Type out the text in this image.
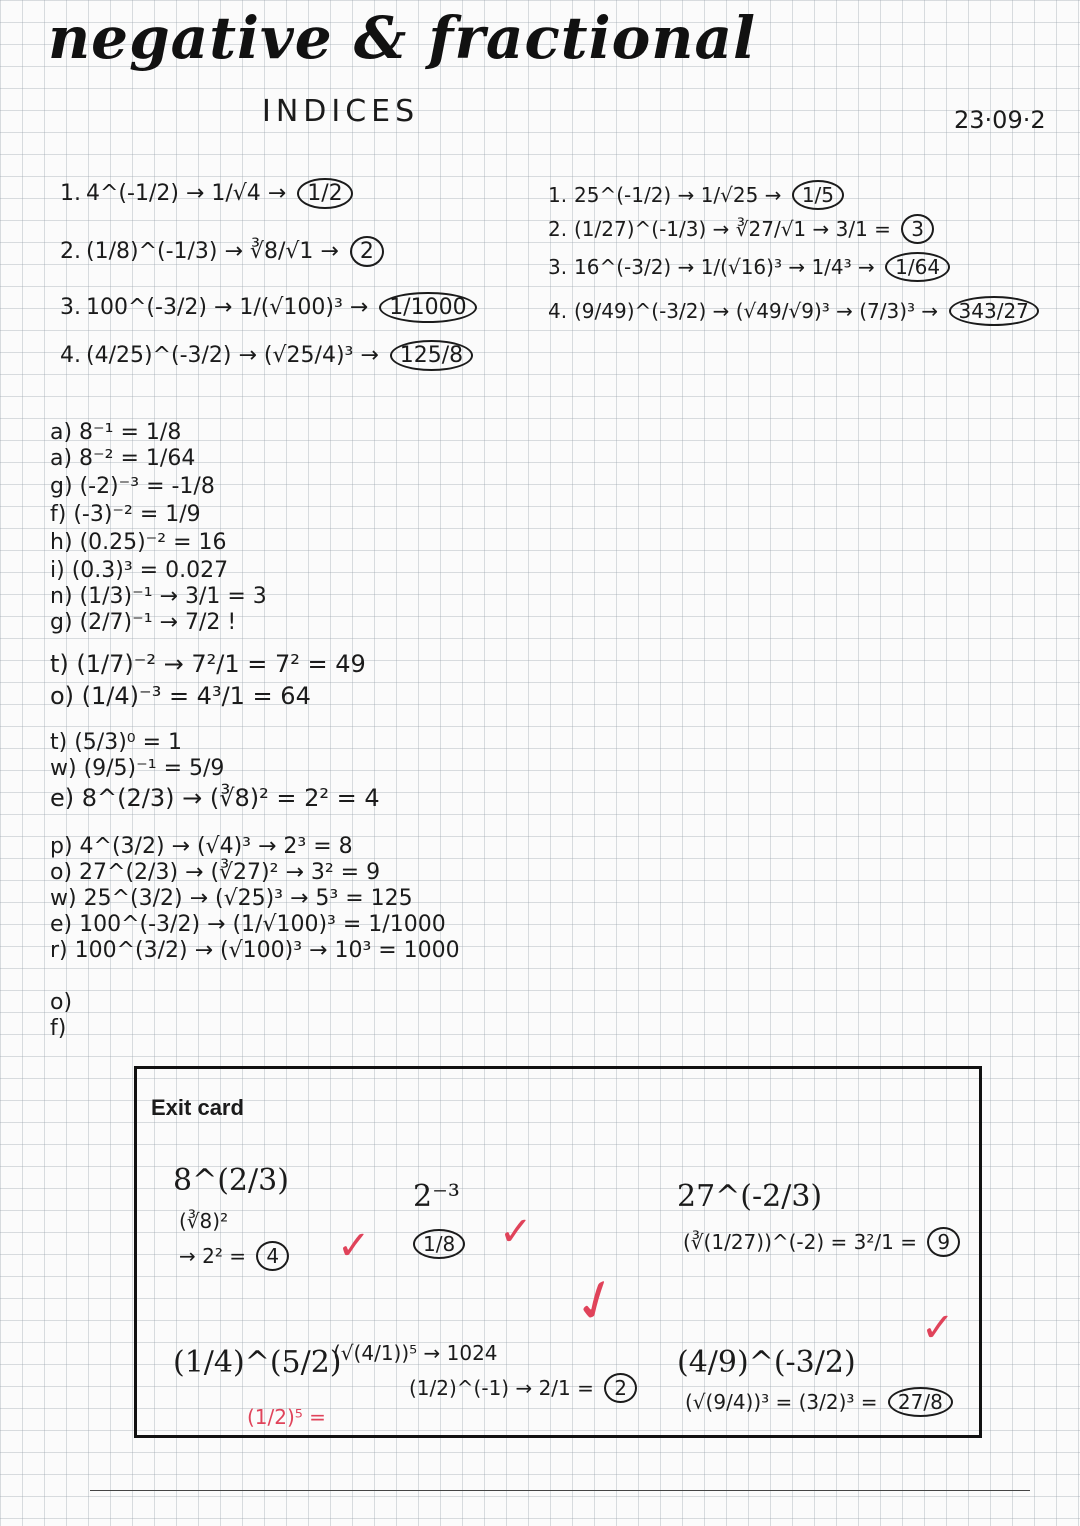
negative & fractional
INDICES	23·09·2
1. 4^(-1/2) → 1/√4 → 1/2
2. (1/8)^(-1/3) → ∛8/√1 → 2
3. 100^(-3/2) → 1/(√100)³ → 1/1000
4. (4/25)^(-3/2) → (√25/4)³ → 125/8
1. 25^(-1/2) → 1/√25 → 1/5
2. (1/27)^(-1/3) → ∛27/√1 → 3/1 = 3
3. 16^(-3/2) → 1/(√16)³ → 1/4³ → 1/64
4. (9/49)^(-3/2) → (√49/√9)³ → (7/3)³ → 343/27
a) 8⁻¹ = 1/8
a) 8⁻² = 1/64
g) (-2)⁻³ = -1/8
f) (-3)⁻² = 1/9
h) (0.25)⁻² = 16
i) (0.3)³ = 0.027
n) (1/3)⁻¹ → 3/1 = 3
g) (2/7)⁻¹ → 7/2 !
t) (1/7)⁻² → 7²/1 = 7² = 49
o) (1/4)⁻³ = 4³/1 = 64
t) (5/3)⁰ = 1
w) (9/5)⁻¹ = 5/9
e) 8^(2/3) → (∛8)² = 2² = 4
p) 4^(3/2) → (√4)³ → 2³ = 8
o) 27^(2/3) → (∛27)² → 3² = 9
w) 25^(3/2) → (√25)³ → 5³ = 125
e) 100^(-3/2) → (1/√100)³ = 1/1000
r) 100^(3/2) → (√100)³ → 10³ = 1000
o)
f)
Exit card
8^(2/3)
(∛8)²
→ 2² = 4 ✓
2⁻³
1/8 ✓
27^(-2/3)
(∛(1/27))^(-2) = 3²/1 = 9
✓
(1/4)^(5/2)
(√(4/1))⁵ → 1024
(1/2)^(-1) → 2/1 = 2
(1/2)⁵ =
(4/9)^(-3/2)
(√(9/4))³ = (3/2)³ = 27/8
✓
